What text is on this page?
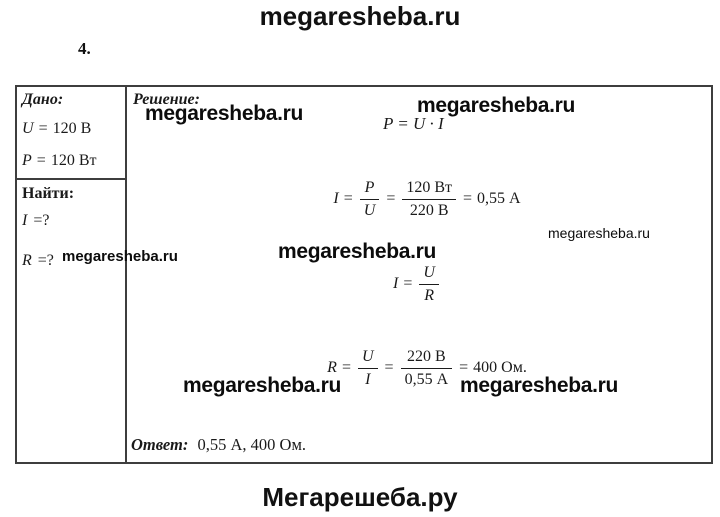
megaresheba.ru
4.
Дано:
U = 120 В
P = 120 Вт
Найти:
I =?
R =? megaresheba.ru
Решение:
megaresheba.ru	megaresheba.ru
P = U · I
$I = \frac{P}{U} = \frac{120 Вт}{220 В} = 0,55$ А
megaresheba.ru
megaresheba.ru
$I = \frac{U}{R}$
$R = \frac{U}{I} = \frac{220 В}{0,55 А} = 400$ Ом.
megaresheba.ru	megaresheba.ru
Ответ: 0,55 А, 400 Ом.
Мегарешеба.ру
